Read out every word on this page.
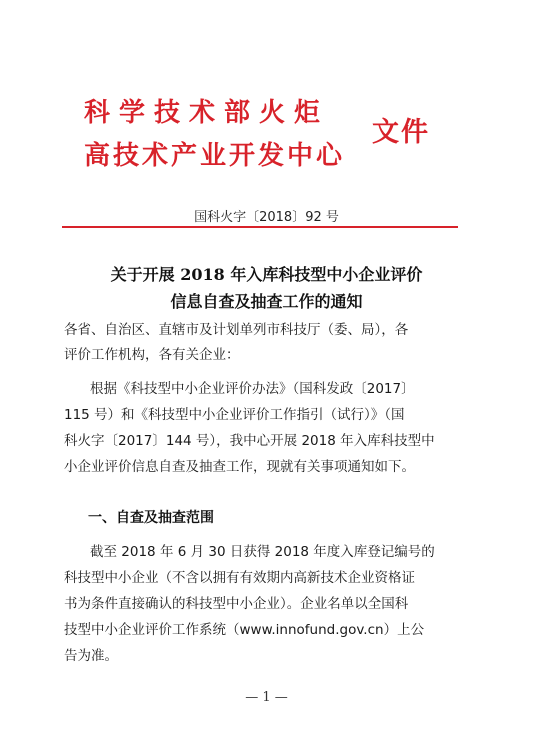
科学技术部火炬
高技术产业开发中心
文件
国科火字〔2018〕92 号
关于开展 2018 年入库科技型中小企业评价
信息自查及抽查工作的通知
各省、自治区、直辖市及计划单列市科技厅（委、局），各
评价工作机构，各有关企业：
根据《科技型中小企业评价办法》（国科发政〔2017〕
115 号）和《科技型中小企业评价工作指引（试行）》（国
科火字〔2017〕144 号），我中心开展 2018 年入库科技型中
小企业评价信息自查及抽查工作，现就有关事项通知如下。
一、自查及抽查范围
截至 2018 年 6 月 30 日获得 2018 年度入库登记编号的
科技型中小企业（不含以拥有有效期内高新技术企业资格证
书为条件直接确认的科技型中小企业）。企业名单以全国科
技型中小企业评价工作系统（www.innofund.gov.cn）上公
告为准。
— 1 —
